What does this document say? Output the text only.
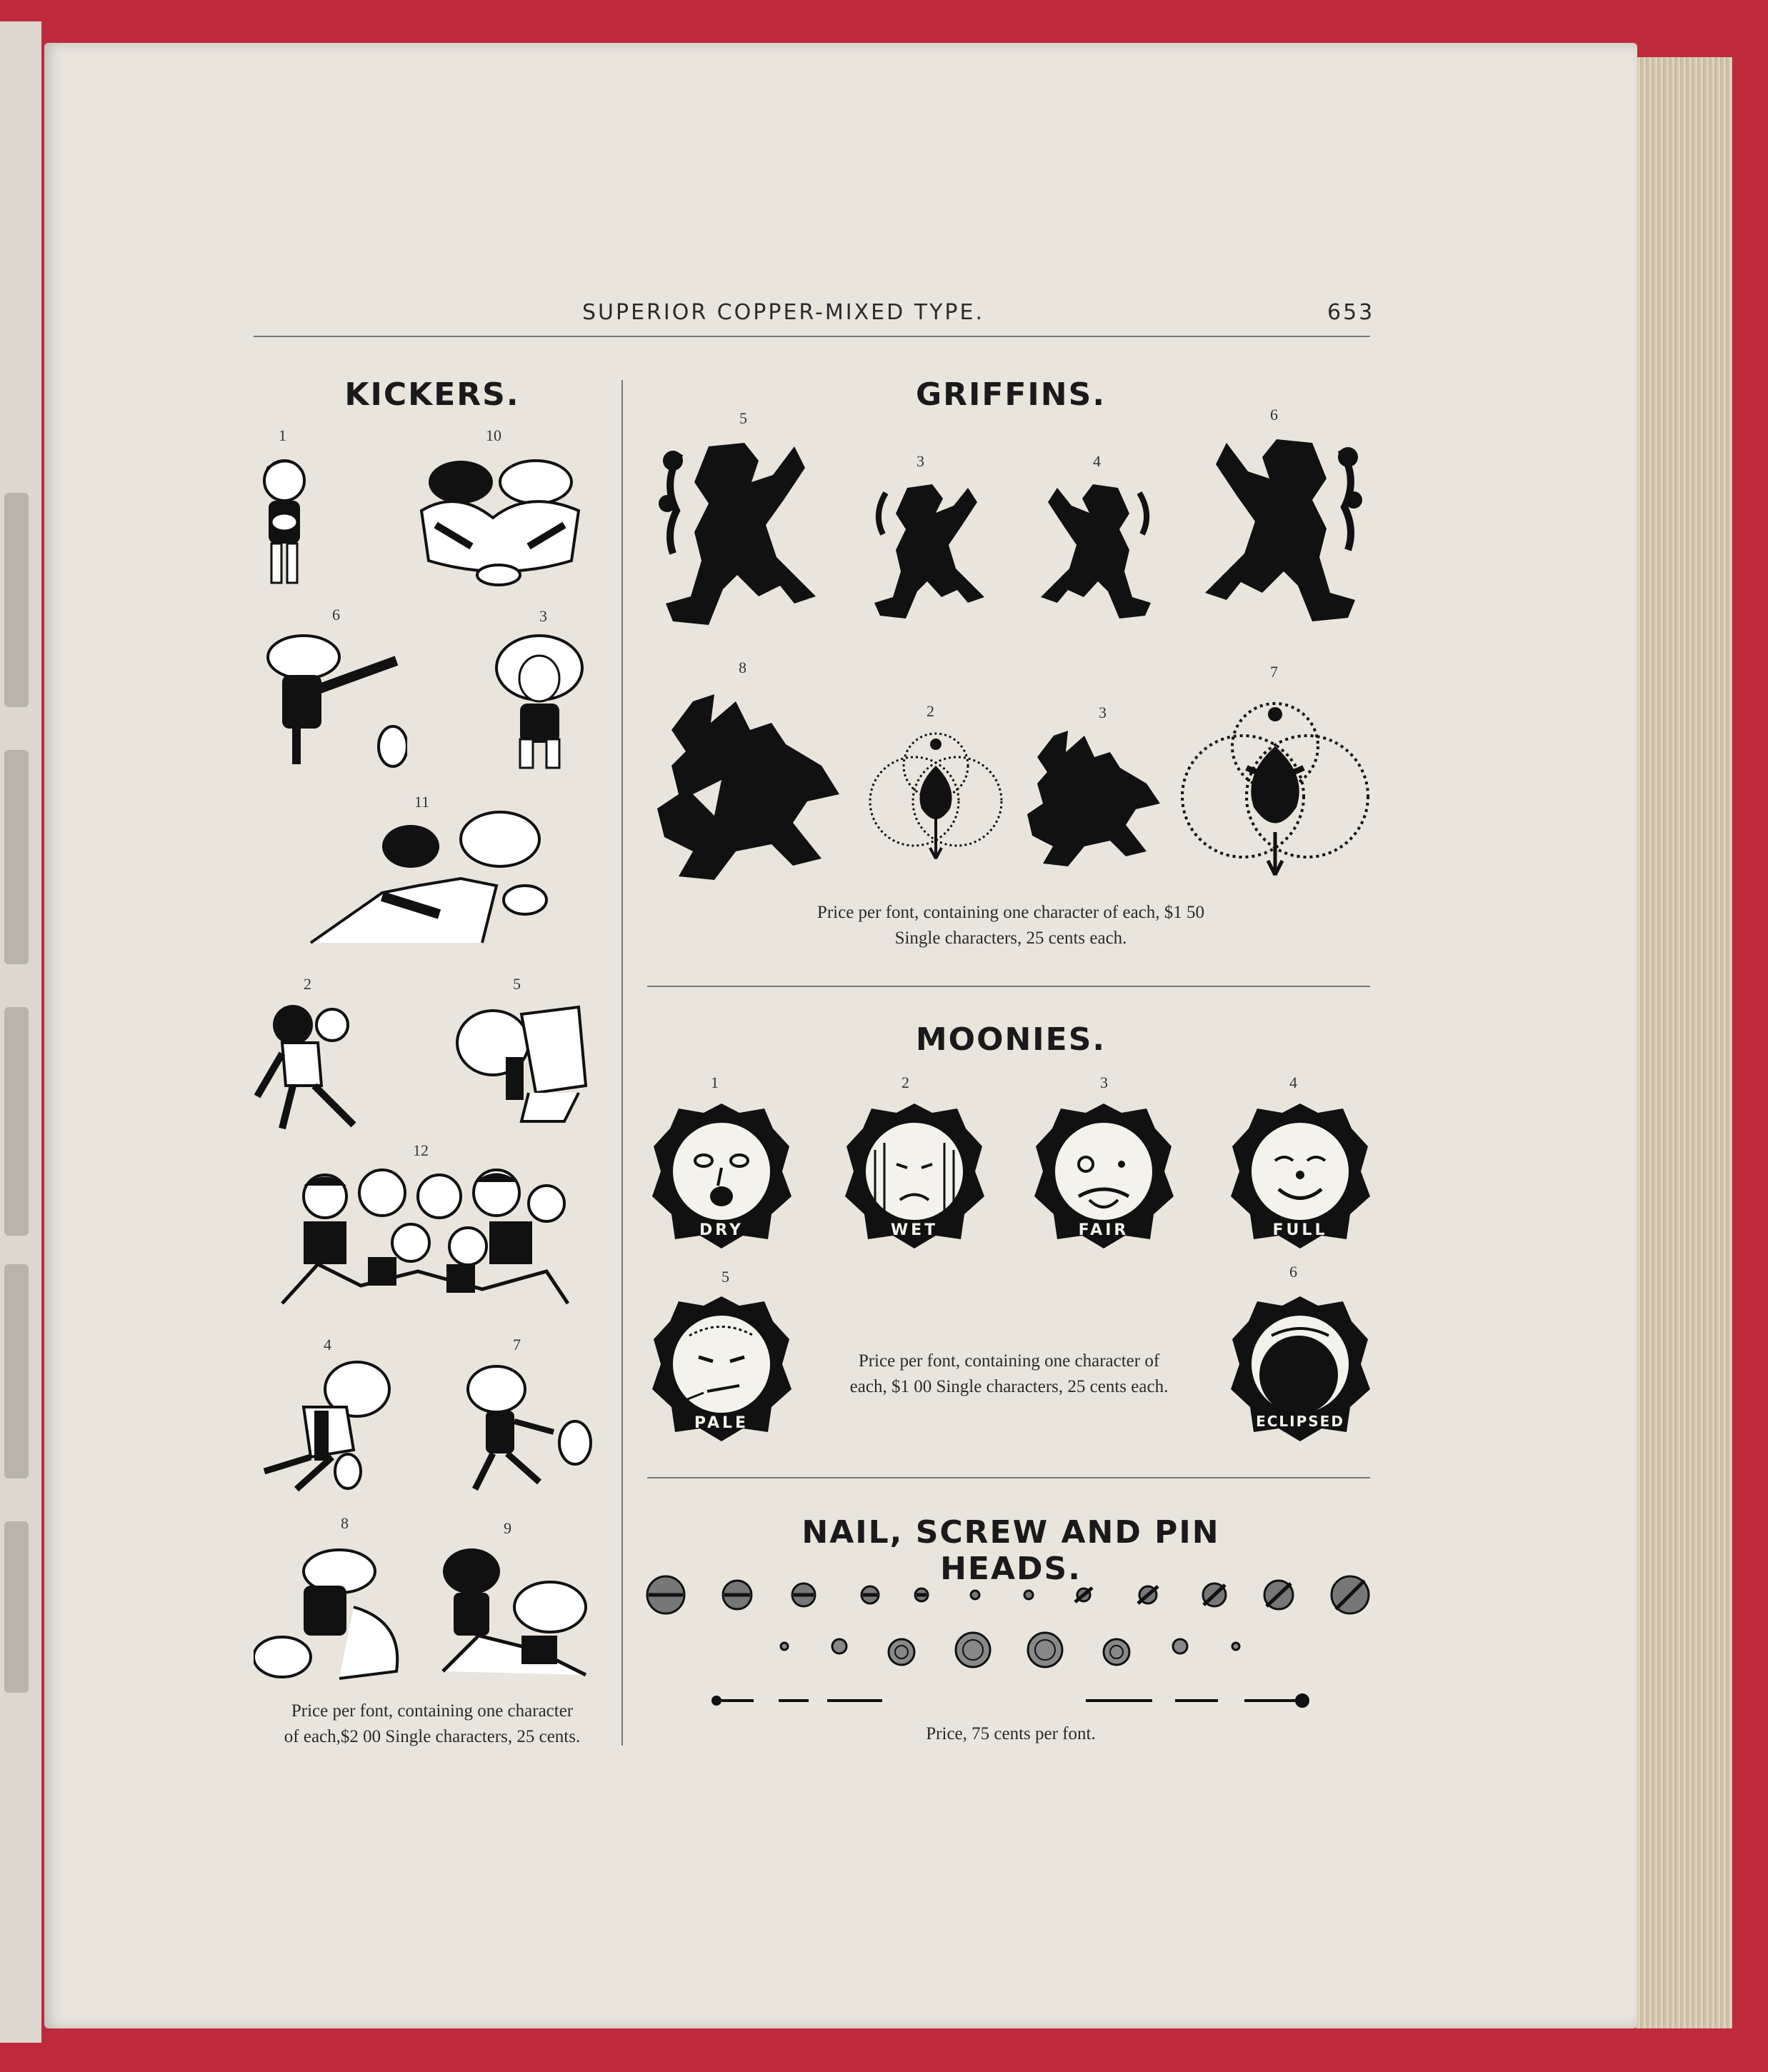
SUPERIOR COPPER-MIXED TYPE.	653
KICKERS.
1	10
6	3
11
2	5
12
4	7
8	9
Price per font, containing one character
of each,$2 00 Single characters, 25 cents.
GRIFFINS.
5
3	4
6
8
2	3
7
Price per font, containing one character of each, $1 50
Single characters, 25 cents each.
MOONIES.
1	2	3	4
5	6
DRY	WET	FAIR	FULL
PALE	ECLIPSED
Price per font, containing one character of
each, $1 00 Single characters, 25 cents each.
NAIL, SCREW AND PIN HEADS.
Price, 75 cents per font.
